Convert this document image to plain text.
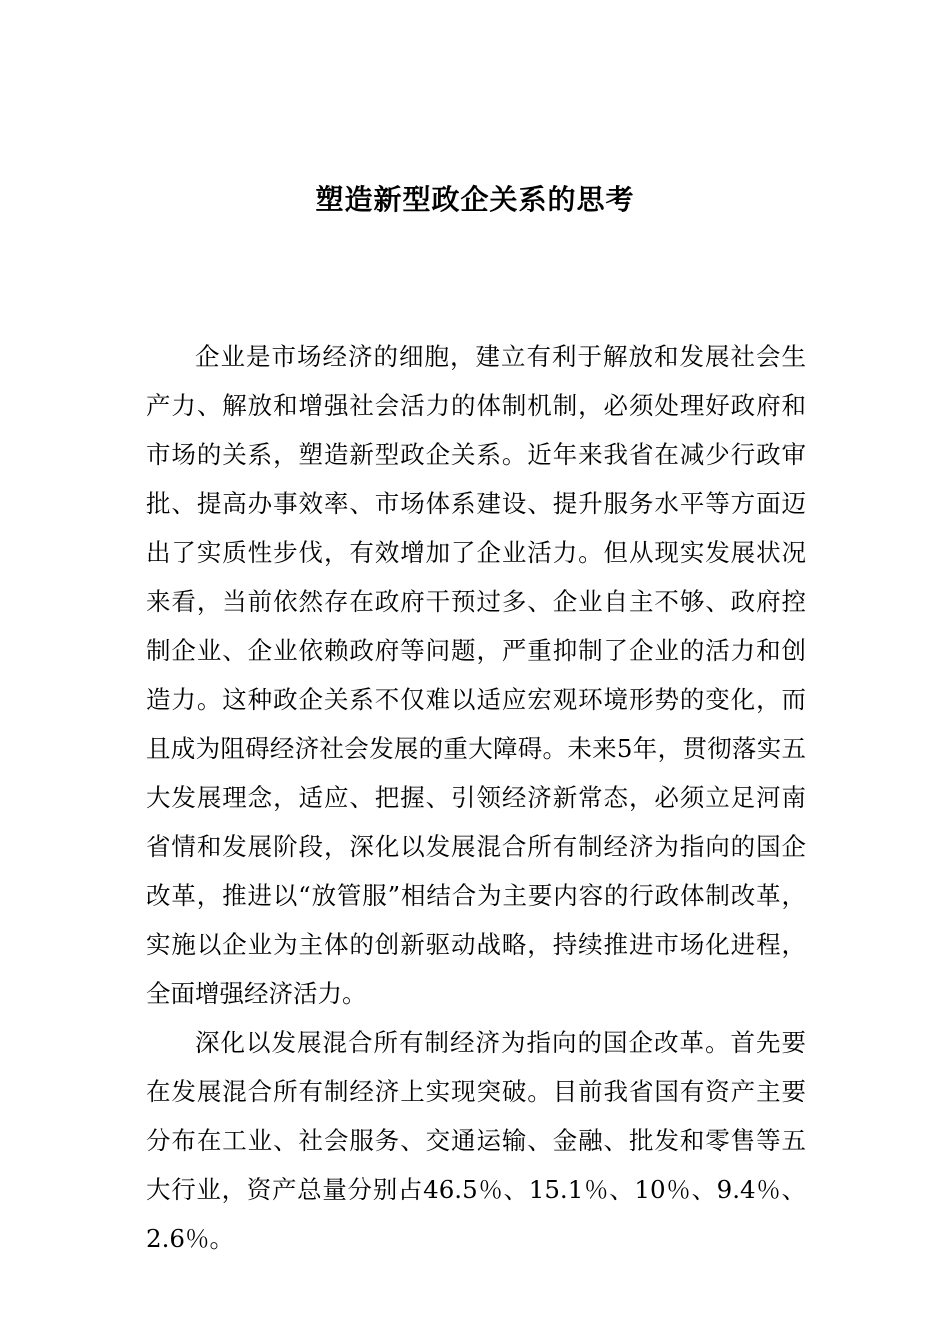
塑造新型政企关系的思考

企业是市场经济的细胞，建立有利于解放和发展社会生产力、解放和增强社会活力的体制机制，必须处理好政府和市场的关系，塑造新型政企关系。近年来我省在减少行政审批、提高办事效率、市场体系建设、提升服务水平等方面迈出了实质性步伐，有效增加了企业活力。但从现实发展状况来看，当前依然存在政府干预过多、企业自主不够、政府控制企业、企业依赖政府等问题，严重抑制了企业的活力和创造力。这种政企关系不仅难以适应宏观环境形势的变化，而且成为阻碍经济社会发展的重大障碍。未来5年，贯彻落实五大发展理念，适应、把握、引领经济新常态，必须立足河南省情和发展阶段，深化以发展混合所有制经济为指向的国企改革，推进以“放管服”相结合为主要内容的行政体制改革，实施以企业为主体的创新驱动战略，持续推进市场化进程，全面增强经济活力。

深化以发展混合所有制经济为指向的国企改革。首先要在发展混合所有制经济上实现突破。目前我省国有资产主要分布在工业、社会服务、交通运输、金融、批发和零售等五大行业，资产总量分别占46.5％、15.1％、10％、9.4％、2.6％。
